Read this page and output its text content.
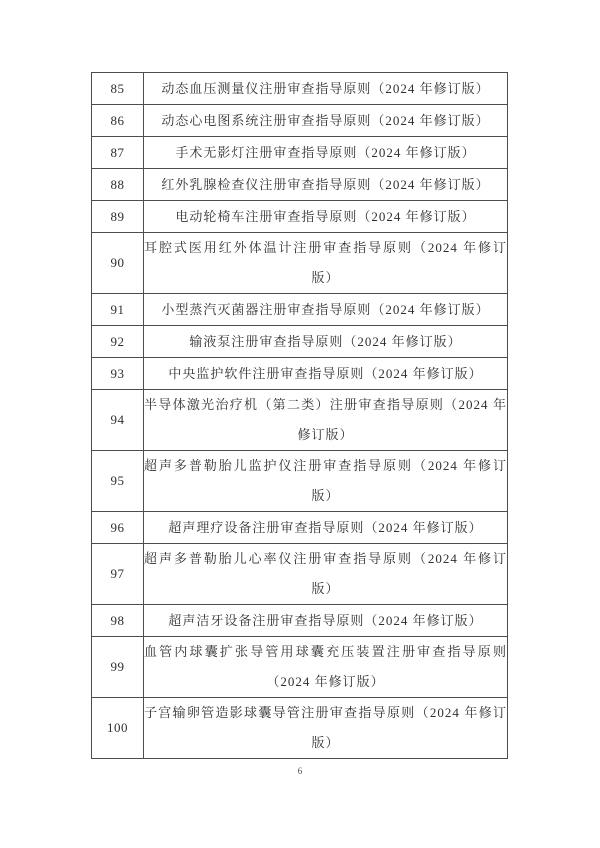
85	动态血压测量仪注册审查指导原则（2024 年修订版）
86	动态心电图系统注册审查指导原则（2024 年修订版）
87	手术无影灯注册审查指导原则（2024 年修订版）
88	红外乳腺检查仪注册审查指导原则（2024 年修订版）
89	电动轮椅车注册审查指导原则（2024 年修订版）
90	耳腔式医用红外体温计注册审查指导原则（2024 年修订版）
91	小型蒸汽灭菌器注册审查指导原则（2024 年修订版）
92	输液泵注册审查指导原则（2024 年修订版）
93	中央监护软件注册审查指导原则（2024 年修订版）
94	半导体激光治疗机（第二类）注册审查指导原则（2024 年修订版）
95	超声多普勒胎儿监护仪注册审查指导原则（2024 年修订版）
96	超声理疗设备注册审查指导原则（2024 年修订版）
97	超声多普勒胎儿心率仪注册审查指导原则（2024 年修订版）
98	超声洁牙设备注册审查指导原则（2024 年修订版）
99	血管内球囊扩张导管用球囊充压装置注册审查指导原则（2024 年修订版）
100	子宫输卵管造影球囊导管注册审查指导原则（2024 年修订版）
6
